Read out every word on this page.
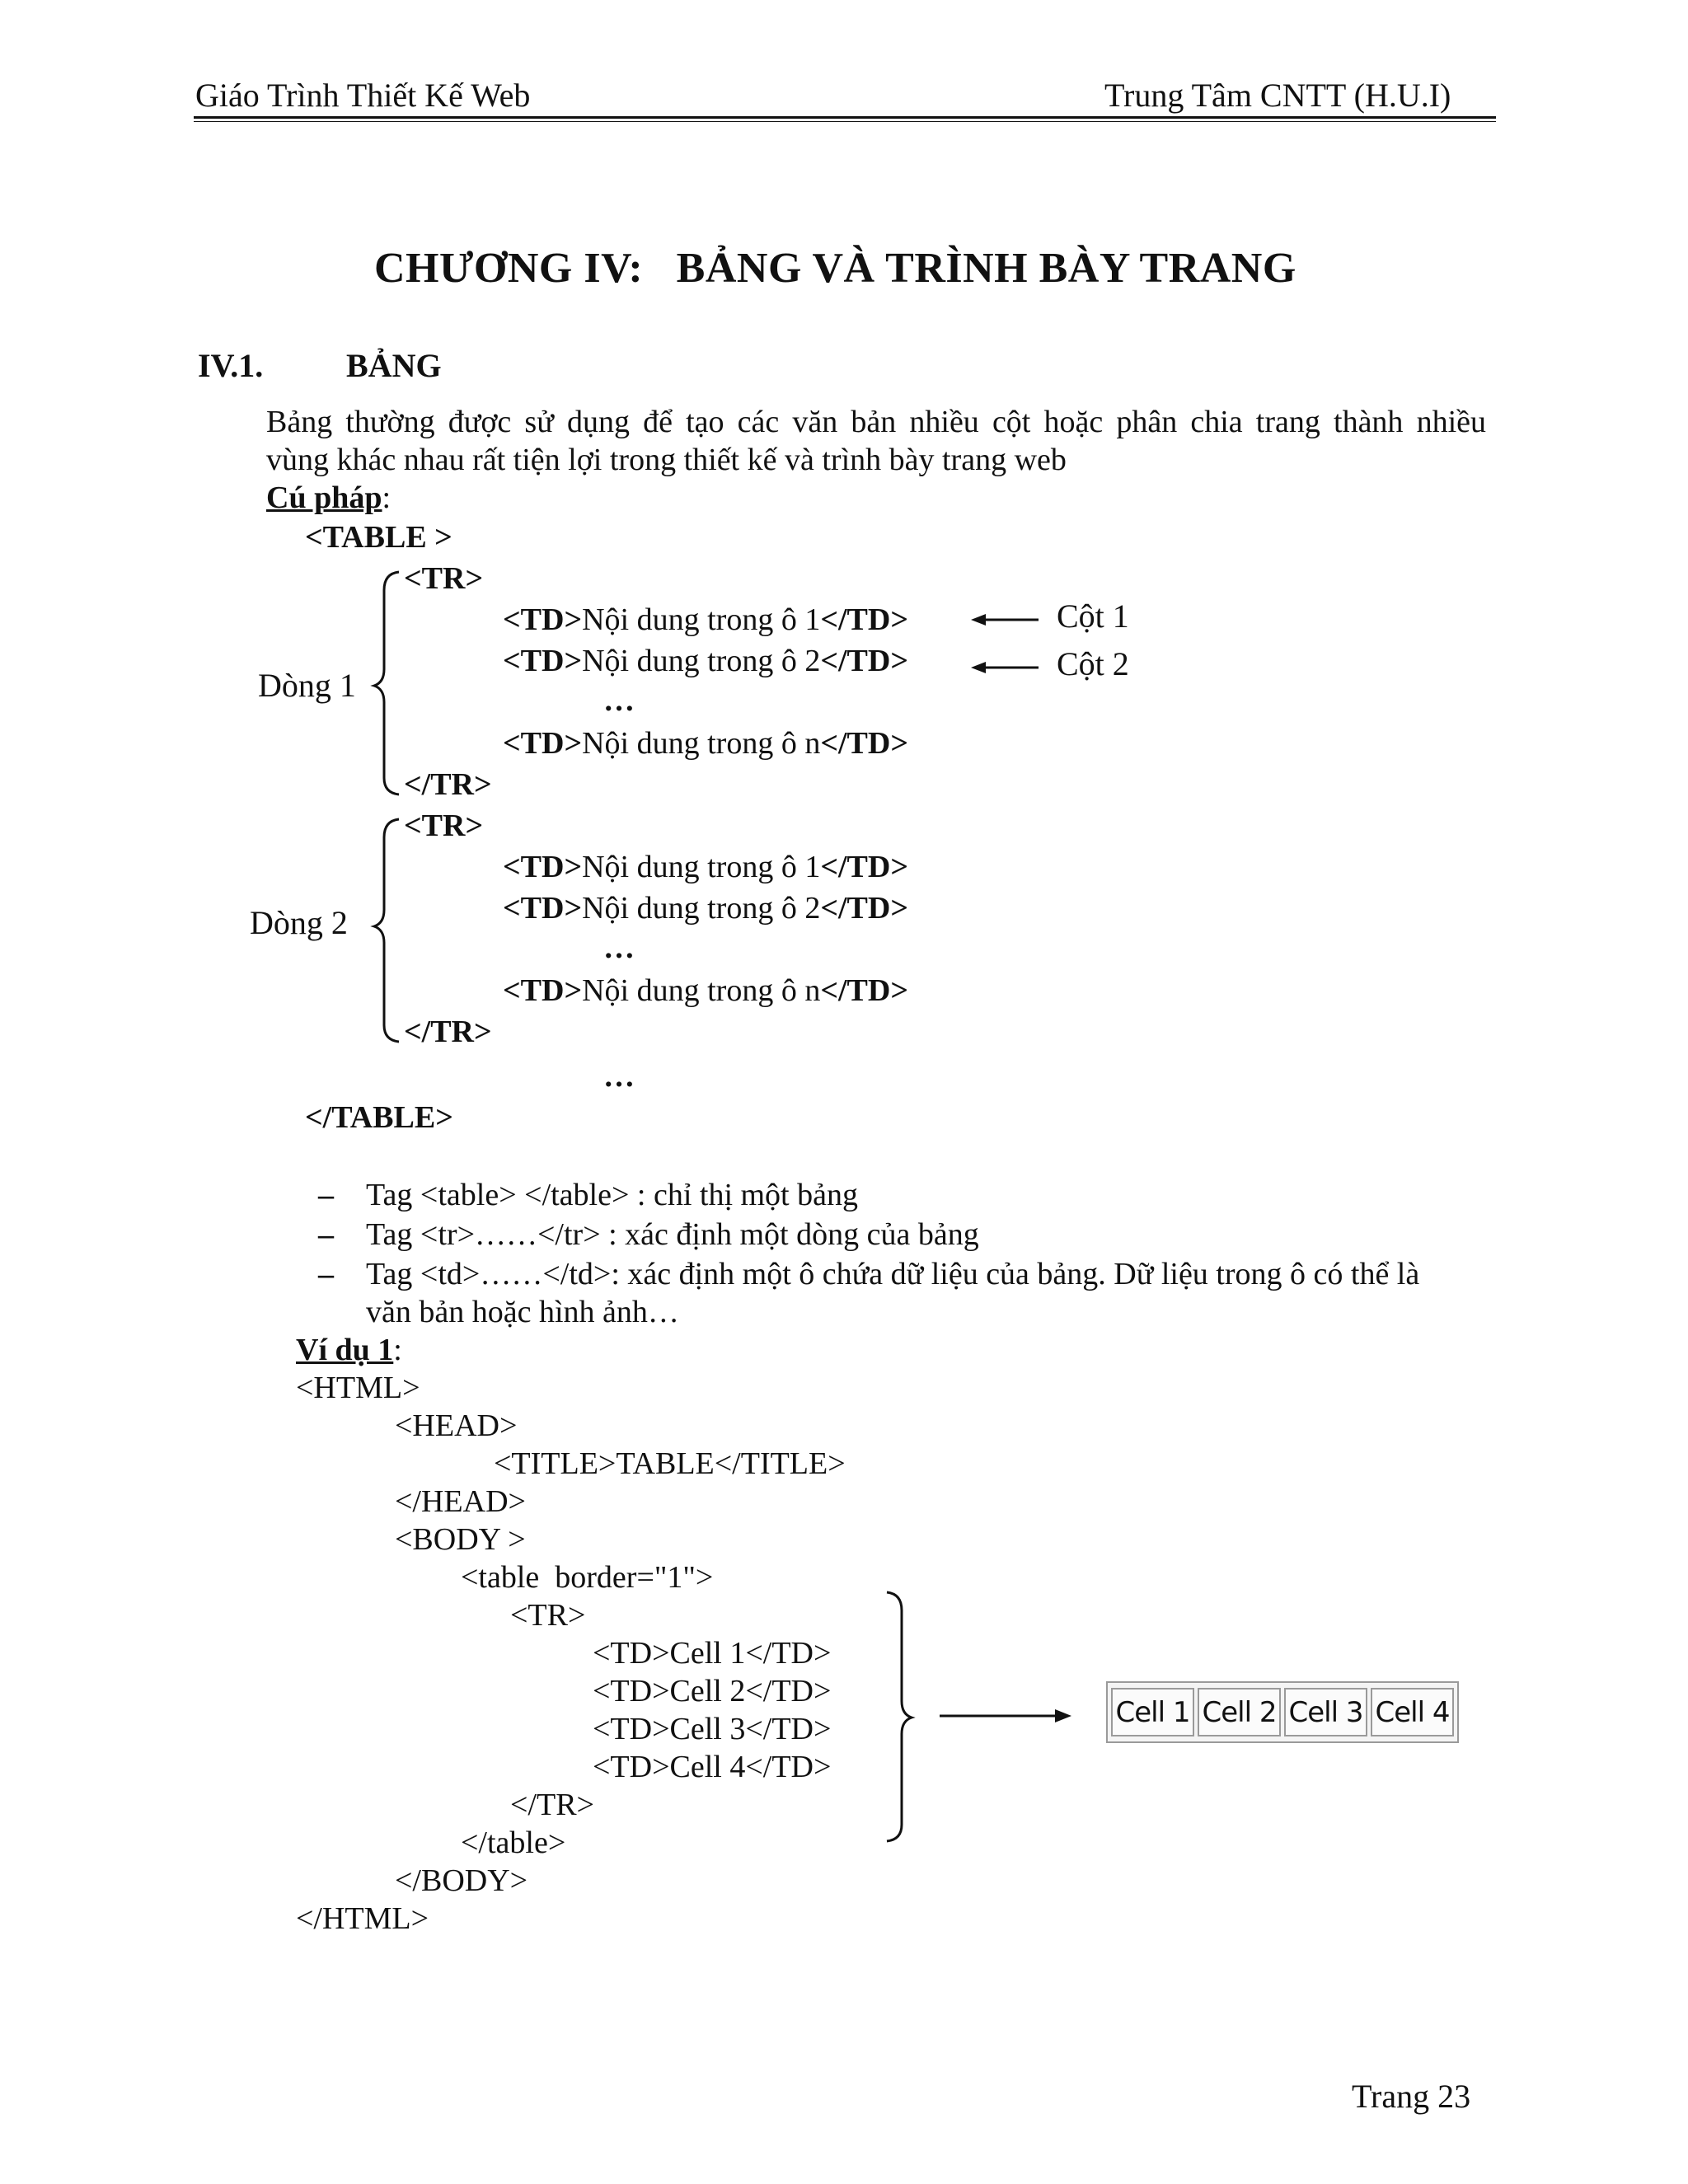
Giáo Trình Thiết Kế Web	Trung Tâm CNTT (H.U.I)
CHƯƠNG IV:   BẢNG VÀ TRÌNH BÀY TRANG
IV.1.	BẢNG
Bảng thường được sử dụng để tạo các văn bản nhiều cột hoặc phân chia trang thành nhiều
vùng khác nhau rất tiện lợi trong thiết kế và trình bày trang web
Cú pháp:
<TABLE >
<TR>
<TD>Nội dung trong ô 1</TD>
<TD>Nội dung trong ô 2</TD>
…
<TD>Nội dung trong ô n</TD>
</TR>
<TR>
<TD>Nội dung trong ô 1</TD>
<TD>Nội dung trong ô 2</TD>
…
<TD>Nội dung trong ô n</TD>
</TR>
…
</TABLE>
Dòng 1
Dòng 2
Cột 1
Cột 2
– Tag <table> </table> : chỉ thị một bảng
– Tag <tr>……</tr> : xác định một dòng của bảng
– Tag <td>……</td>: xác định một ô chứa dữ liệu của bảng. Dữ liệu trong ô có thể là
văn bản hoặc hình ảnh…
Ví dụ 1:
<HTML>
<HEAD>
<TITLE>TABLE</TITLE>
</HEAD>
<BODY >
<table  border="1">
<TR>
<TD>Cell 1</TD>
<TD>Cell 2</TD>
<TD>Cell 3</TD>
<TD>Cell 4</TD>
</TR>
</table>
</BODY>
</HTML>
Cell 1 Cell 2 Cell 3 Cell 4
Trang 23
